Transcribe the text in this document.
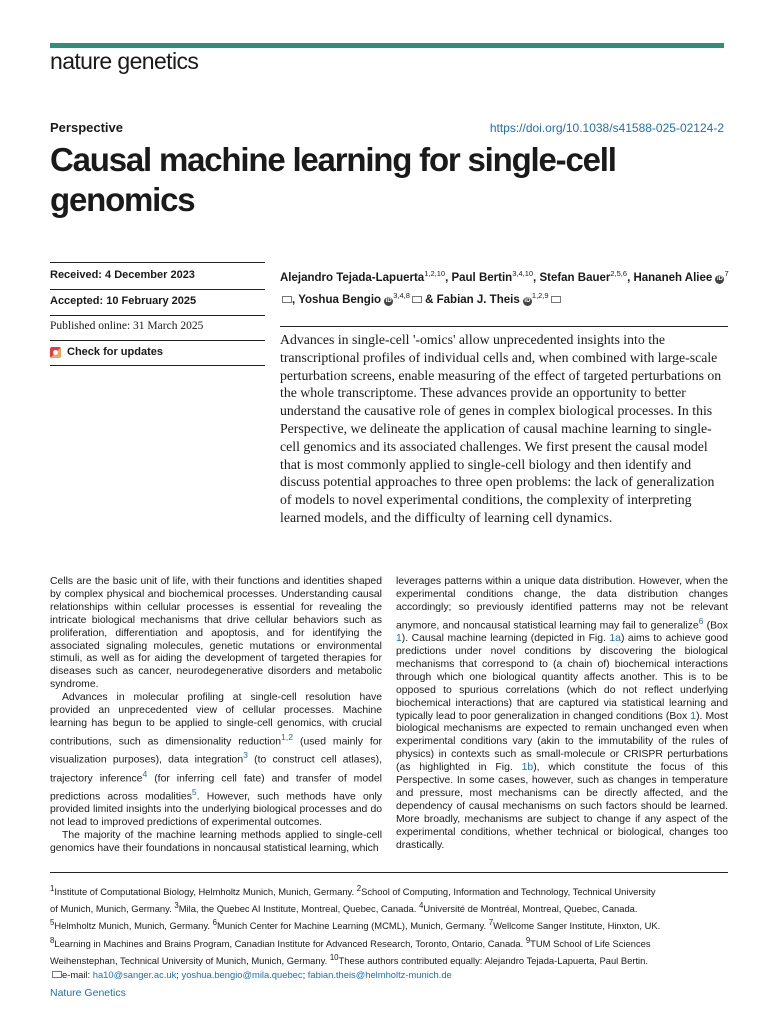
nature genetics
Perspective	https://doi.org/10.1038/s41588-025-02124-2
Causal machine learning for single-cell genomics
Received: 4 December 2023
Accepted: 10 February 2025
Published online: 31 March 2025
Check for updates
Alejandro Tejada-Lapuerta$^{1,2,10}$, Paul Bertin$^{3,4,10}$, Stefan Bauer$^{2,5,6}$, Hananeh Aliee $iD^7$, Yoshua Bengio iD$^{3,4,8}$ & Fabian J. Theis iD$^{1,2,9}$

Advances in single-cell '-omics' allow unprecedented insights into the transcriptional profiles of individual cells and, when combined with large-scale perturbation screens, enable measuring of the effect of targeted perturbations on the whole transcriptome. These advances provide an opportunity to better understand the causative role of genes in complex biological processes. In this Perspective, we delineate the application of causal machine learning to single-cell genomics and its associated challenges. We first present the causal model that is most commonly applied to single-cell biology and then identify and discuss potential approaches to three open problems: the lack of generalization of models to novel experimental conditions, the complexity of interpreting learned models, and the difficulty of learning cell dynamics.

Cells are the basic unit of life, with their functions and identities shaped by complex physical and biochemical processes. Understanding causal relationships within cellular processes is essential for revealing the intricate biological mechanisms that drive cellular behaviors such as proliferation, differentiation and apoptosis, and for identifying the associated signaling molecules, genetic mutations or environmental stimuli, as well as for aiding the development of targeted therapies for diseases such as cancer, neurodegenerative disorders and metabolic syndrome.

Advances in molecular profiling at single-cell resolution have provided an unprecedented view of cellular processes. Machine learning has begun to be applied to single-cell genomics, with crucial contributions, such as dimensionality reduction$^{1,2}$ (used mainly for visualization purposes), data integration$^3$ (to construct cell atlases), trajectory inference$^4$ (for inferring cell fate) and transfer of model predictions across modalities$^5$. However, such methods have only provided limited insights into the underlying biological processes and do not lead to improved predictions of experimental outcomes.

The majority of the machine learning methods applied to single-cell genomics have their foundations in noncausal statistical learning, which

leverages patterns within a unique data distribution. However, when the experimental conditions change, the data distribution changes accordingly; so previously identified patterns may not be relevant anymore, and noncausal statistical learning may fail to generalize$^6$ (Box 1). Causal machine learning (depicted in Fig. 1a) aims to achieve good predictions under novel conditions by discovering the biological mechanisms that correspond to (a chain of) biochemical interactions through which one biological quantity affects another. This is to be opposed to spurious correlations (which do not reflect underlying biochemical interactions) that are captured via statistical learning and typically lead to poor generalization in changed conditions (Box 1). Most biological mechanisms are expected to remain unchanged even when experimental conditions vary (akin to the immutability of the rules of physics) in contexts such as small-molecule or CRISPR perturbations (as highlighted in Fig. 1b), which constitute the focus of this Perspective. In some cases, however, such as changes in temperature and pressure, most mechanisms can be directly affected, and the dependency of causal mechanisms on such factors should be learned. More broadly, mechanisms are subject to change if any aspect of the experimental conditions, whether technical or biological, changes too drastically.

$^1$Institute of Computational Biology, Helmholtz Munich, Munich, Germany. $^2$School of Computing, Information and Technology, Technical University
of Munich, Munich, Germany. $^3$Mila, the Quebec AI Institute, Montreal, Quebec, Canada. $^4$Université de Montréal, Montreal, Quebec, Canada.
$^5$Helmholtz Munich, Munich, Germany. $^6$Munich Center for Machine Learning (MCML), Munich, Germany. $^7$Wellcome Sanger Institute, Hinxton, UK.
$^8$Learning in Machines and Brains Program, Canadian Institute for Advanced Research, Toronto, Ontario, Canada. $^9$TUM School of Life Sciences
Weihenstephan, Technical University of Munich, Munich, Germany. $^{10}$These authors contributed equally: Alejandro Tejada-Lapuerta, Paul Bertin.
e-mail: ha10@sanger.ac.uk; yoshua.bengio@mila.quebec; fabian.theis@helmholtz-munich.de
Nature Genetics
